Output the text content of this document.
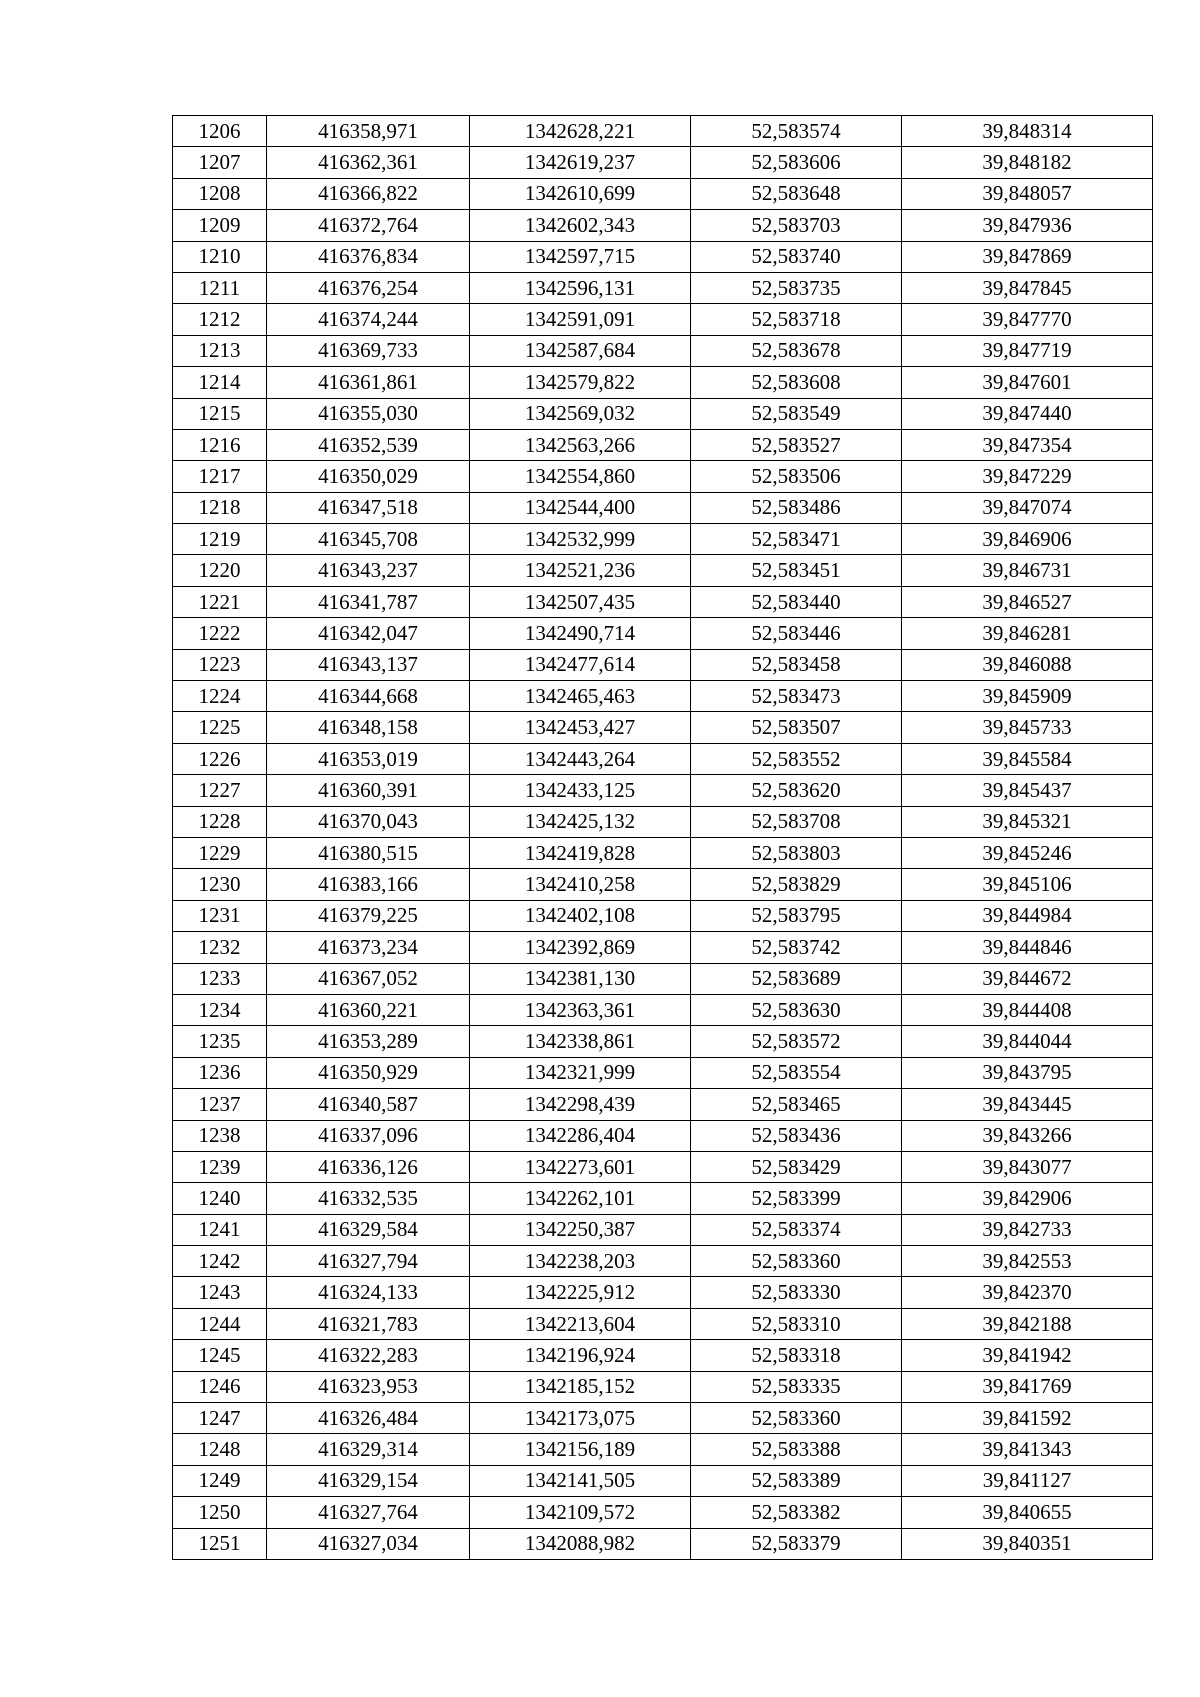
1206	416358,971	1342628,221	52,583574	39,848314
1207	416362,361	1342619,237	52,583606	39,848182
1208	416366,822	1342610,699	52,583648	39,848057
1209	416372,764	1342602,343	52,583703	39,847936
1210	416376,834	1342597,715	52,583740	39,847869
1211	416376,254	1342596,131	52,583735	39,847845
1212	416374,244	1342591,091	52,583718	39,847770
1213	416369,733	1342587,684	52,583678	39,847719
1214	416361,861	1342579,822	52,583608	39,847601
1215	416355,030	1342569,032	52,583549	39,847440
1216	416352,539	1342563,266	52,583527	39,847354
1217	416350,029	1342554,860	52,583506	39,847229
1218	416347,518	1342544,400	52,583486	39,847074
1219	416345,708	1342532,999	52,583471	39,846906
1220	416343,237	1342521,236	52,583451	39,846731
1221	416341,787	1342507,435	52,583440	39,846527
1222	416342,047	1342490,714	52,583446	39,846281
1223	416343,137	1342477,614	52,583458	39,846088
1224	416344,668	1342465,463	52,583473	39,845909
1225	416348,158	1342453,427	52,583507	39,845733
1226	416353,019	1342443,264	52,583552	39,845584
1227	416360,391	1342433,125	52,583620	39,845437
1228	416370,043	1342425,132	52,583708	39,845321
1229	416380,515	1342419,828	52,583803	39,845246
1230	416383,166	1342410,258	52,583829	39,845106
1231	416379,225	1342402,108	52,583795	39,844984
1232	416373,234	1342392,869	52,583742	39,844846
1233	416367,052	1342381,130	52,583689	39,844672
1234	416360,221	1342363,361	52,583630	39,844408
1235	416353,289	1342338,861	52,583572	39,844044
1236	416350,929	1342321,999	52,583554	39,843795
1237	416340,587	1342298,439	52,583465	39,843445
1238	416337,096	1342286,404	52,583436	39,843266
1239	416336,126	1342273,601	52,583429	39,843077
1240	416332,535	1342262,101	52,583399	39,842906
1241	416329,584	1342250,387	52,583374	39,842733
1242	416327,794	1342238,203	52,583360	39,842553
1243	416324,133	1342225,912	52,583330	39,842370
1244	416321,783	1342213,604	52,583310	39,842188
1245	416322,283	1342196,924	52,583318	39,841942
1246	416323,953	1342185,152	52,583335	39,841769
1247	416326,484	1342173,075	52,583360	39,841592
1248	416329,314	1342156,189	52,583388	39,841343
1249	416329,154	1342141,505	52,583389	39,841127
1250	416327,764	1342109,572	52,583382	39,840655
1251	416327,034	1342088,982	52,583379	39,840351
